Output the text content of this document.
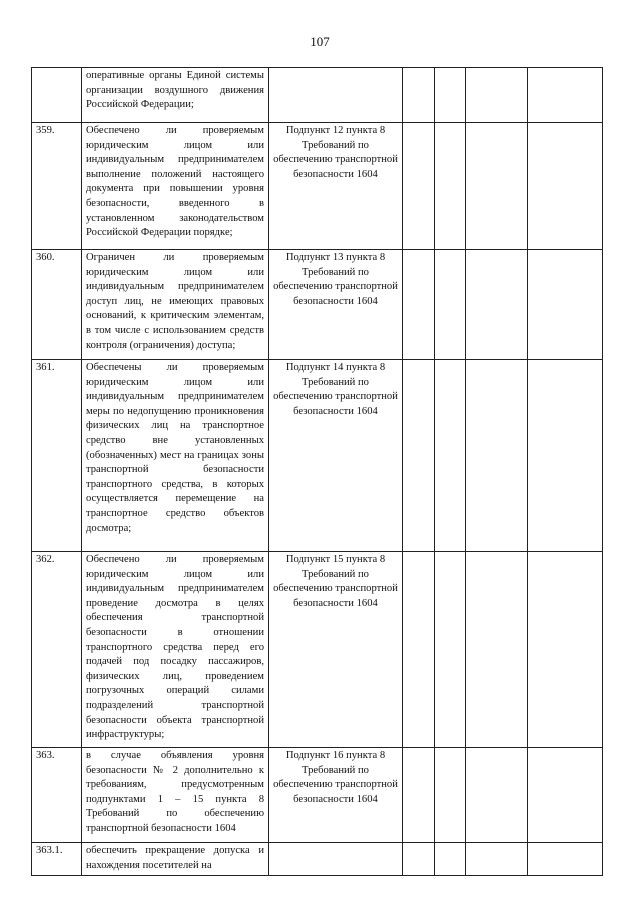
107
	оперативные органы Единой системы организации воздушного движения Российской Федерации;					
359.	Обеспечено ли проверяемым юридическим лицом или индивидуальным предпринимателем выполнение положений настоящего документа при повышении уровня безопасности, введенного в установленном законодательством Российской Федерации порядке;	Подпункт 12 пункта 8 Требований по обеспечению транспортной безопасности 1604				
360.	Ограничен ли проверяемым юридическим лицом или индивидуальным предпринимателем доступ лиц, не имеющих правовых оснований, к критическим элементам, в том числе с использованием средств контроля (ограничения) доступа;	Подпункт 13 пункта 8 Требований по обеспечению транспортной безопасности 1604				
361.	Обеспечены ли проверяемым юридическим лицом или индивидуальным предпринимателем меры по недопущению проникновения физических лиц на транспортное средство вне установленных (обозначенных) мест на границах зоны транспортной безопасности транспортного средства, в которых осуществляется перемещение на транспортное средство объектов досмотра;	Подпункт 14 пункта 8 Требований по обеспечению транспортной безопасности 1604				
362.	Обеспечено ли проверяемым юридическим лицом или индивидуальным предпринимателем проведение досмотра в целях обеспечения транспортной безопасности в отношении транспортного средства перед его подачей под посадку пассажиров, физических лиц, проведением погрузочных операций силами подразделений транспортной безопасности объекта транспортной инфраструктуры;	Подпункт 15 пункта 8 Требований по обеспечению транспортной безопасности 1604				
363.	в случае объявления уровня безопасности № 2 дополнительно к требованиям, предусмотренным подпунктами 1 – 15 пункта 8 Требований по обеспечению транспортной безопасности 1604	Подпункт 16 пункта 8 Требований по обеспечению транспортной безопасности 1604				
363.1.	обеспечить прекращение допуска и нахождения посетителей на					
